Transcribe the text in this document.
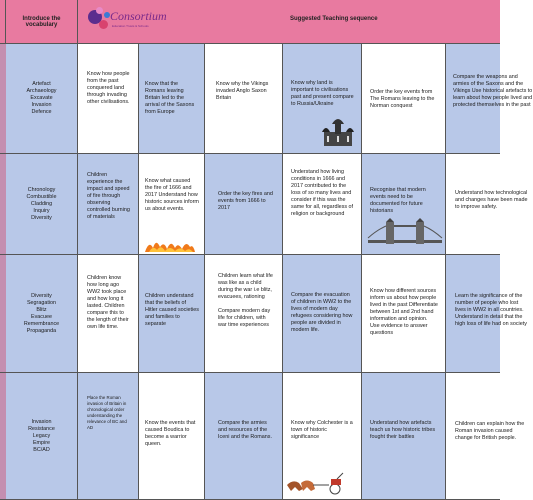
Introduce the vocabulary
Suggested Teaching sequence
Consortium
Education Trusts & Schools
Artefact
Archaeology
Excavate
Invasion
Defence
Know how people from the past conquered land through invading other civilisations.
Know that the Romans leaving Britain led to the arrival of the Saxons from Europe
Know why the Vikings invaded Anglo Saxon Britain
Know why land is important to civilisations past and present compare to Russia/Ukraine
Order the key events from The Romans leaving to the Norman conquest
Compare the weapons and armies of the Saxons and the Vikings Use historical artefacts to learn about how people lived and protected themselves in the past
Chronology
Combustible
Cladding
Inquiry
Diversity
Children experience the impact and speed of fire through observing controlled burning of materials
Know what caused the fire of 1666 and 2017 Understand how historic sources inform us about events.
Order the key fires and events from 1666 to 2017
Understand how living conditions in 1666 and 2017 contributed to the loss of so many lives and consider if this was the same for all, regardless of religion or background
Recognise that modern events need to be documented for future historians
Understand how technological and changes have been made to improve safety.
Diversity
Segragation
Blitz
Evacuee
Remembrance
Propaganda
Children know how long ago WW2 took place and how long it lasted. Children compare this to the length of their own life time.
Children understand that the beliefs of Hitler caused societies and families to separate
Children learn what life was like as a child during the war i.e blitz, evacuees, rationing

Compare modern day life for children, with war time experiences
Compare the evacuation of children in WW2 to the lives of modern day refugees considering how people are divided in modern life.
Know how different sources inform us about how people lived in the past Differentiate between 1st and 2nd hand information and opinion. Use evidence to answer questions
Learn the significance of the number of people who lost lives in WW2 in all countries. Understand in detail that the high loss of life had on society
Invasion
Resistance
Legacy
Empire
BC/AD
Place the Roman invasion of Britain in chronological order understanding the relevance of BC and AD
Know the events that caused Boudica to become a warrior queen.
Compare the armies and resources of the Iceni and the Romans.
Know why Colchester is a town of historic significance
Understand how artefacts teach us how historic tribes fought their battles
Children can explain how the Roman invasion caused change for British people.
